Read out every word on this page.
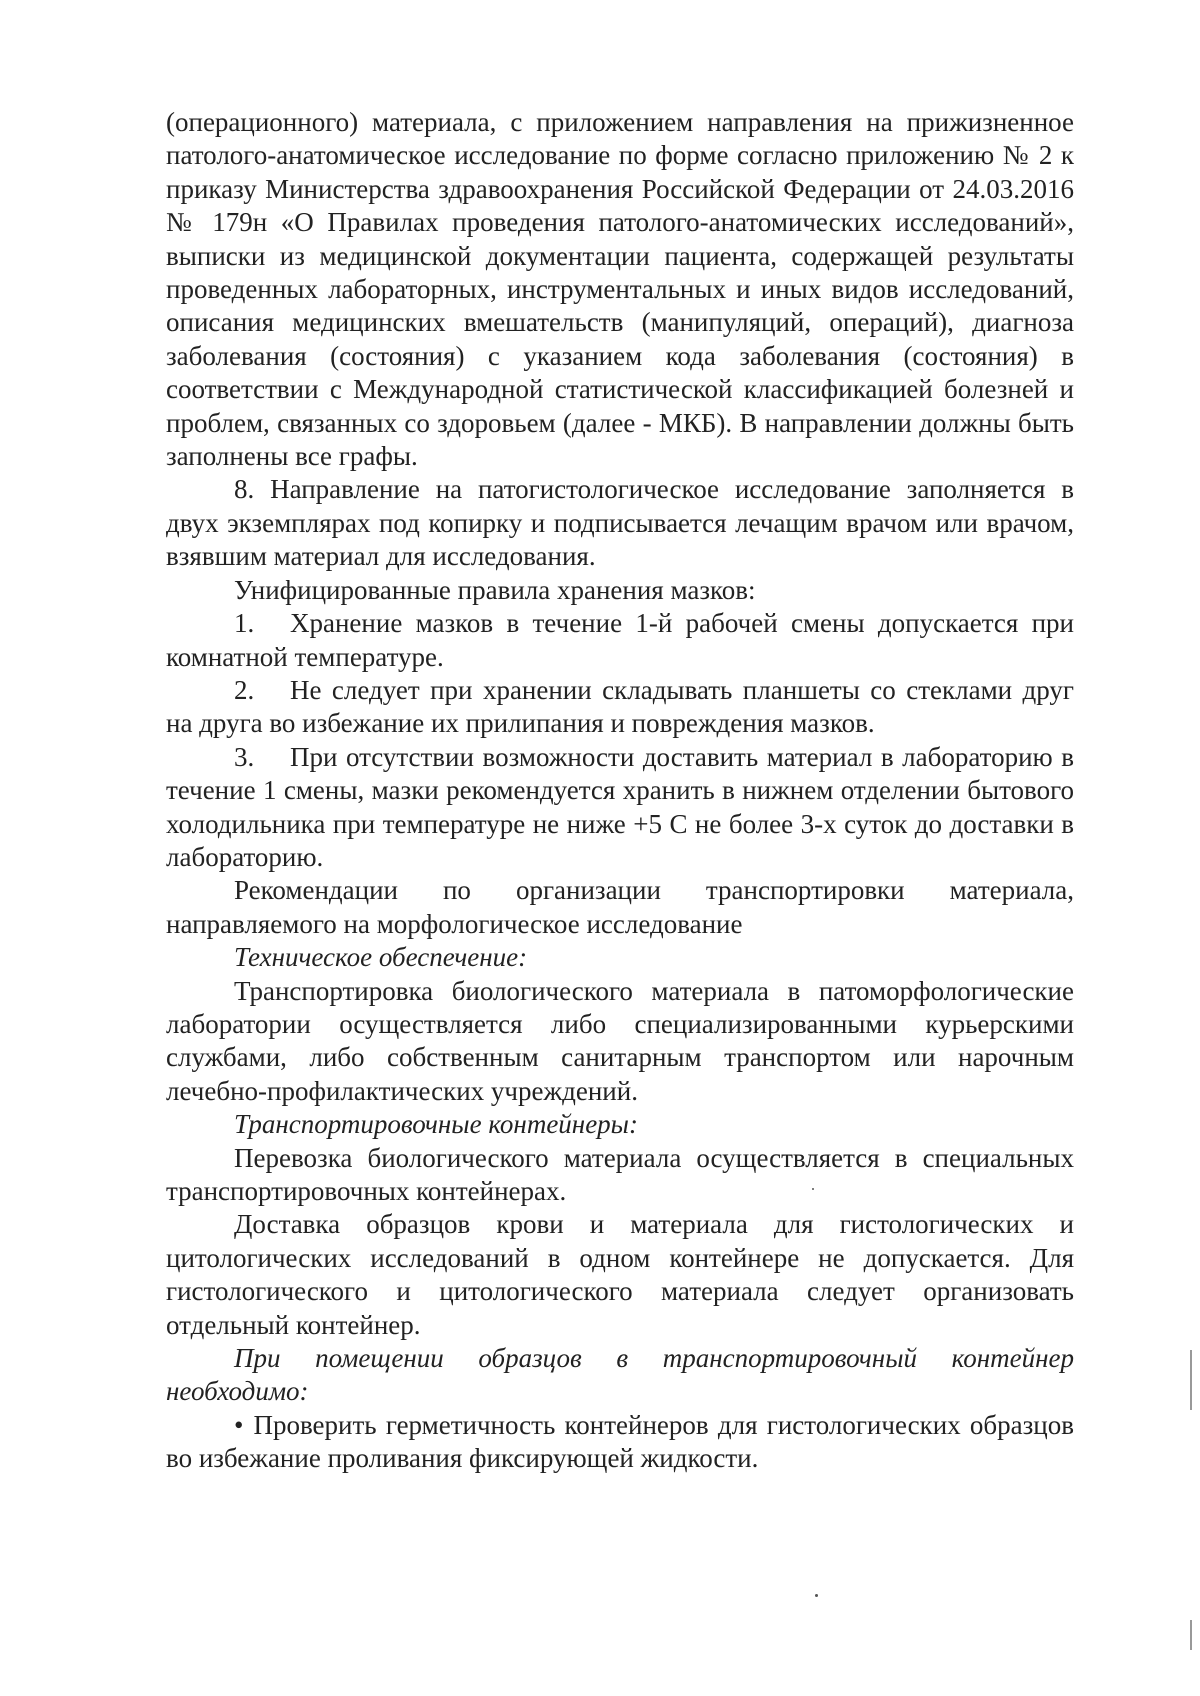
(операционного) материала, с приложением направления на прижизненное патолого-анатомическое исследование по форме согласно приложению № 2 к приказу Министерства здравоохранения Российской Федерации от 24.03.2016 № 179н «О Правилах проведения патолого-анатомических исследований», выписки из медицинской документации пациента, содержащей результаты проведенных лабораторных, инструментальных и иных видов исследований, описания медицинских вмешательств (манипуляций, операций), диагноза заболевания (состояния) с указанием кода заболевания (состояния) в соответствии с Международной статистической классификацией болезней и проблем, связанных со здоровьем (далее - МКБ). В направлении должны быть заполнены все графы.

8. Направление на патогистологическое исследование заполняется в двух экземплярах под копирку и подписывается лечащим врачом или врачом, взявшим материал для исследования.

Унифицированные правила хранения мазков:

1. Хранение мазков в течение 1-й рабочей смены допускается при комнатной температуре.

2. Не следует при хранении складывать планшеты со стеклами друг на друга во избежание их прилипания и повреждения мазков.

3. При отсутствии возможности доставить материал в лабораторию в течение 1 смены, мазки рекомендуется хранить в нижнем отделении бытового холодильника при температуре не ниже +5 С не более 3-х суток до доставки в лабораторию.

Рекомендации по организации транспортировки материала, направляемого на морфологическое исследование

Техническое обеспечение:

Транспортировка биологического материала в патоморфологические лаборатории осуществляется либо специализированными курьерскими службами, либо собственным санитарным транспортом или нарочным лечебно-профилактических учреждений.

Транспортировочные контейнеры:

Перевозка биологического материала осуществляется в специальных транспортировочных контейнерах.

Доставка образцов крови и материала для гистологических и цитологических исследований в одном контейнере не допускается. Для гистологического и цитологического материала следует организовать отдельный контейнер.

При помещении образцов в транспортировочный контейнер необходимо:

• Проверить герметичность контейнеров для гистологических образцов во избежание проливания фиксирующей жидкости.
